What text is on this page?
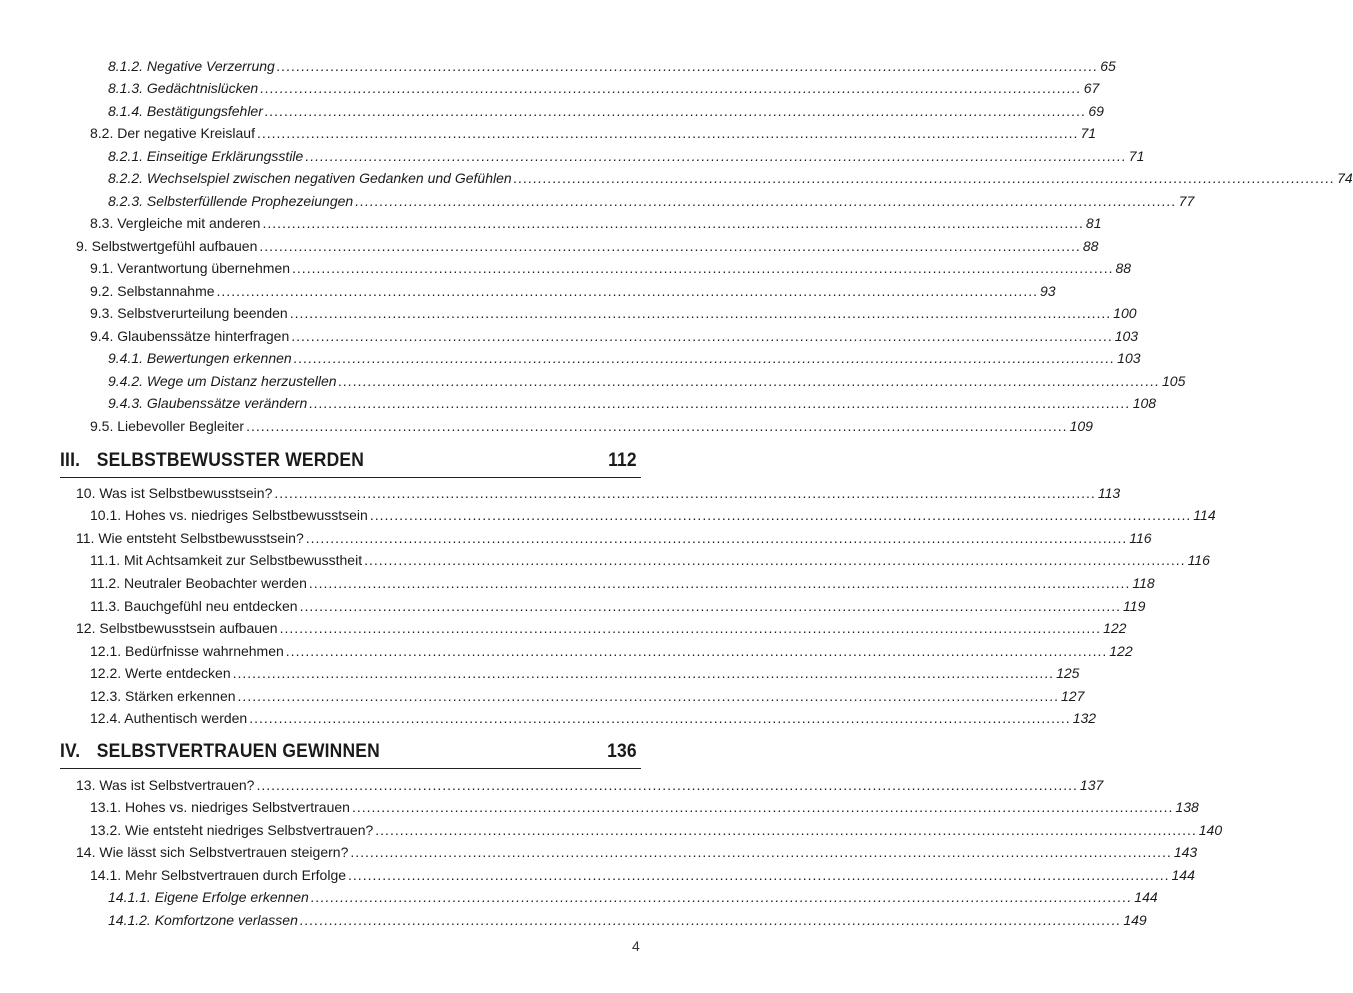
8.1.2. Negative Verzerrung ........................................................................................................................................................................ 65
8.1.3. Gedächtnislücken ........................................................................................................................................................................ 67
8.1.4. Bestätigungsfehler ........................................................................................................................................................................ 69
8.2. Der negative Kreislauf ........................................................................................................................................................................ 71
8.2.1. Einseitige Erklärungsstile ........................................................................................................................................................................ 71
8.2.2. Wechselspiel zwischen negativen Gedanken und Gefühlen ........................................................................................................................................................................ 74
8.2.3. Selbsterfüllende Prophezeiungen ........................................................................................................................................................................ 77
8.3. Vergleiche mit anderen ........................................................................................................................................................................ 81
9. Selbstwertgefühl aufbauen ........................................................................................................................................................................ 88
9.1. Verantwortung übernehmen ........................................................................................................................................................................ 88
9.2. Selbstannahme ........................................................................................................................................................................ 93
9.3. Selbstverurteilung beenden ........................................................................................................................................................................ 100
9.4. Glaubenssätze hinterfragen ........................................................................................................................................................................ 103
9.4.1. Bewertungen erkennen ........................................................................................................................................................................ 103
9.4.2. Wege um Distanz herzustellen ........................................................................................................................................................................ 105
9.4.3. Glaubenssätze verändern ........................................................................................................................................................................ 108
9.5. Liebevoller Begleiter ........................................................................................................................................................................ 109
III. SELBSTBEWUSSTER WERDEN	112
10. Was ist Selbstbewusstsein? ........................................................................................................................................................................ 113
10.1. Hohes vs. niedriges Selbstbewusstsein ........................................................................................................................................................................ 114
11. Wie entsteht Selbstbewusstsein? ........................................................................................................................................................................ 116
11.1. Mit Achtsamkeit zur Selbstbewusstheit ........................................................................................................................................................................ 116
11.2. Neutraler Beobachter werden ........................................................................................................................................................................ 118
11.3. Bauchgefühl neu entdecken ........................................................................................................................................................................ 119
12. Selbstbewusstsein aufbauen ........................................................................................................................................................................ 122
12.1. Bedürfnisse wahrnehmen ........................................................................................................................................................................ 122
12.2. Werte entdecken ........................................................................................................................................................................ 125
12.3. Stärken erkennen ........................................................................................................................................................................ 127
12.4. Authentisch werden ........................................................................................................................................................................ 132
IV. SELBSTVERTRAUEN GEWINNEN	136
13. Was ist Selbstvertrauen? ........................................................................................................................................................................ 137
13.1. Hohes vs. niedriges Selbstvertrauen ........................................................................................................................................................................ 138
13.2. Wie entsteht niedriges Selbstvertrauen? ........................................................................................................................................................................ 140
14. Wie lässt sich Selbstvertrauen steigern? ........................................................................................................................................................................ 143
14.1. Mehr Selbstvertrauen durch Erfolge ........................................................................................................................................................................ 144
14.1.1. Eigene Erfolge erkennen ........................................................................................................................................................................ 144
14.1.2. Komfortzone verlassen ........................................................................................................................................................................ 149
4
